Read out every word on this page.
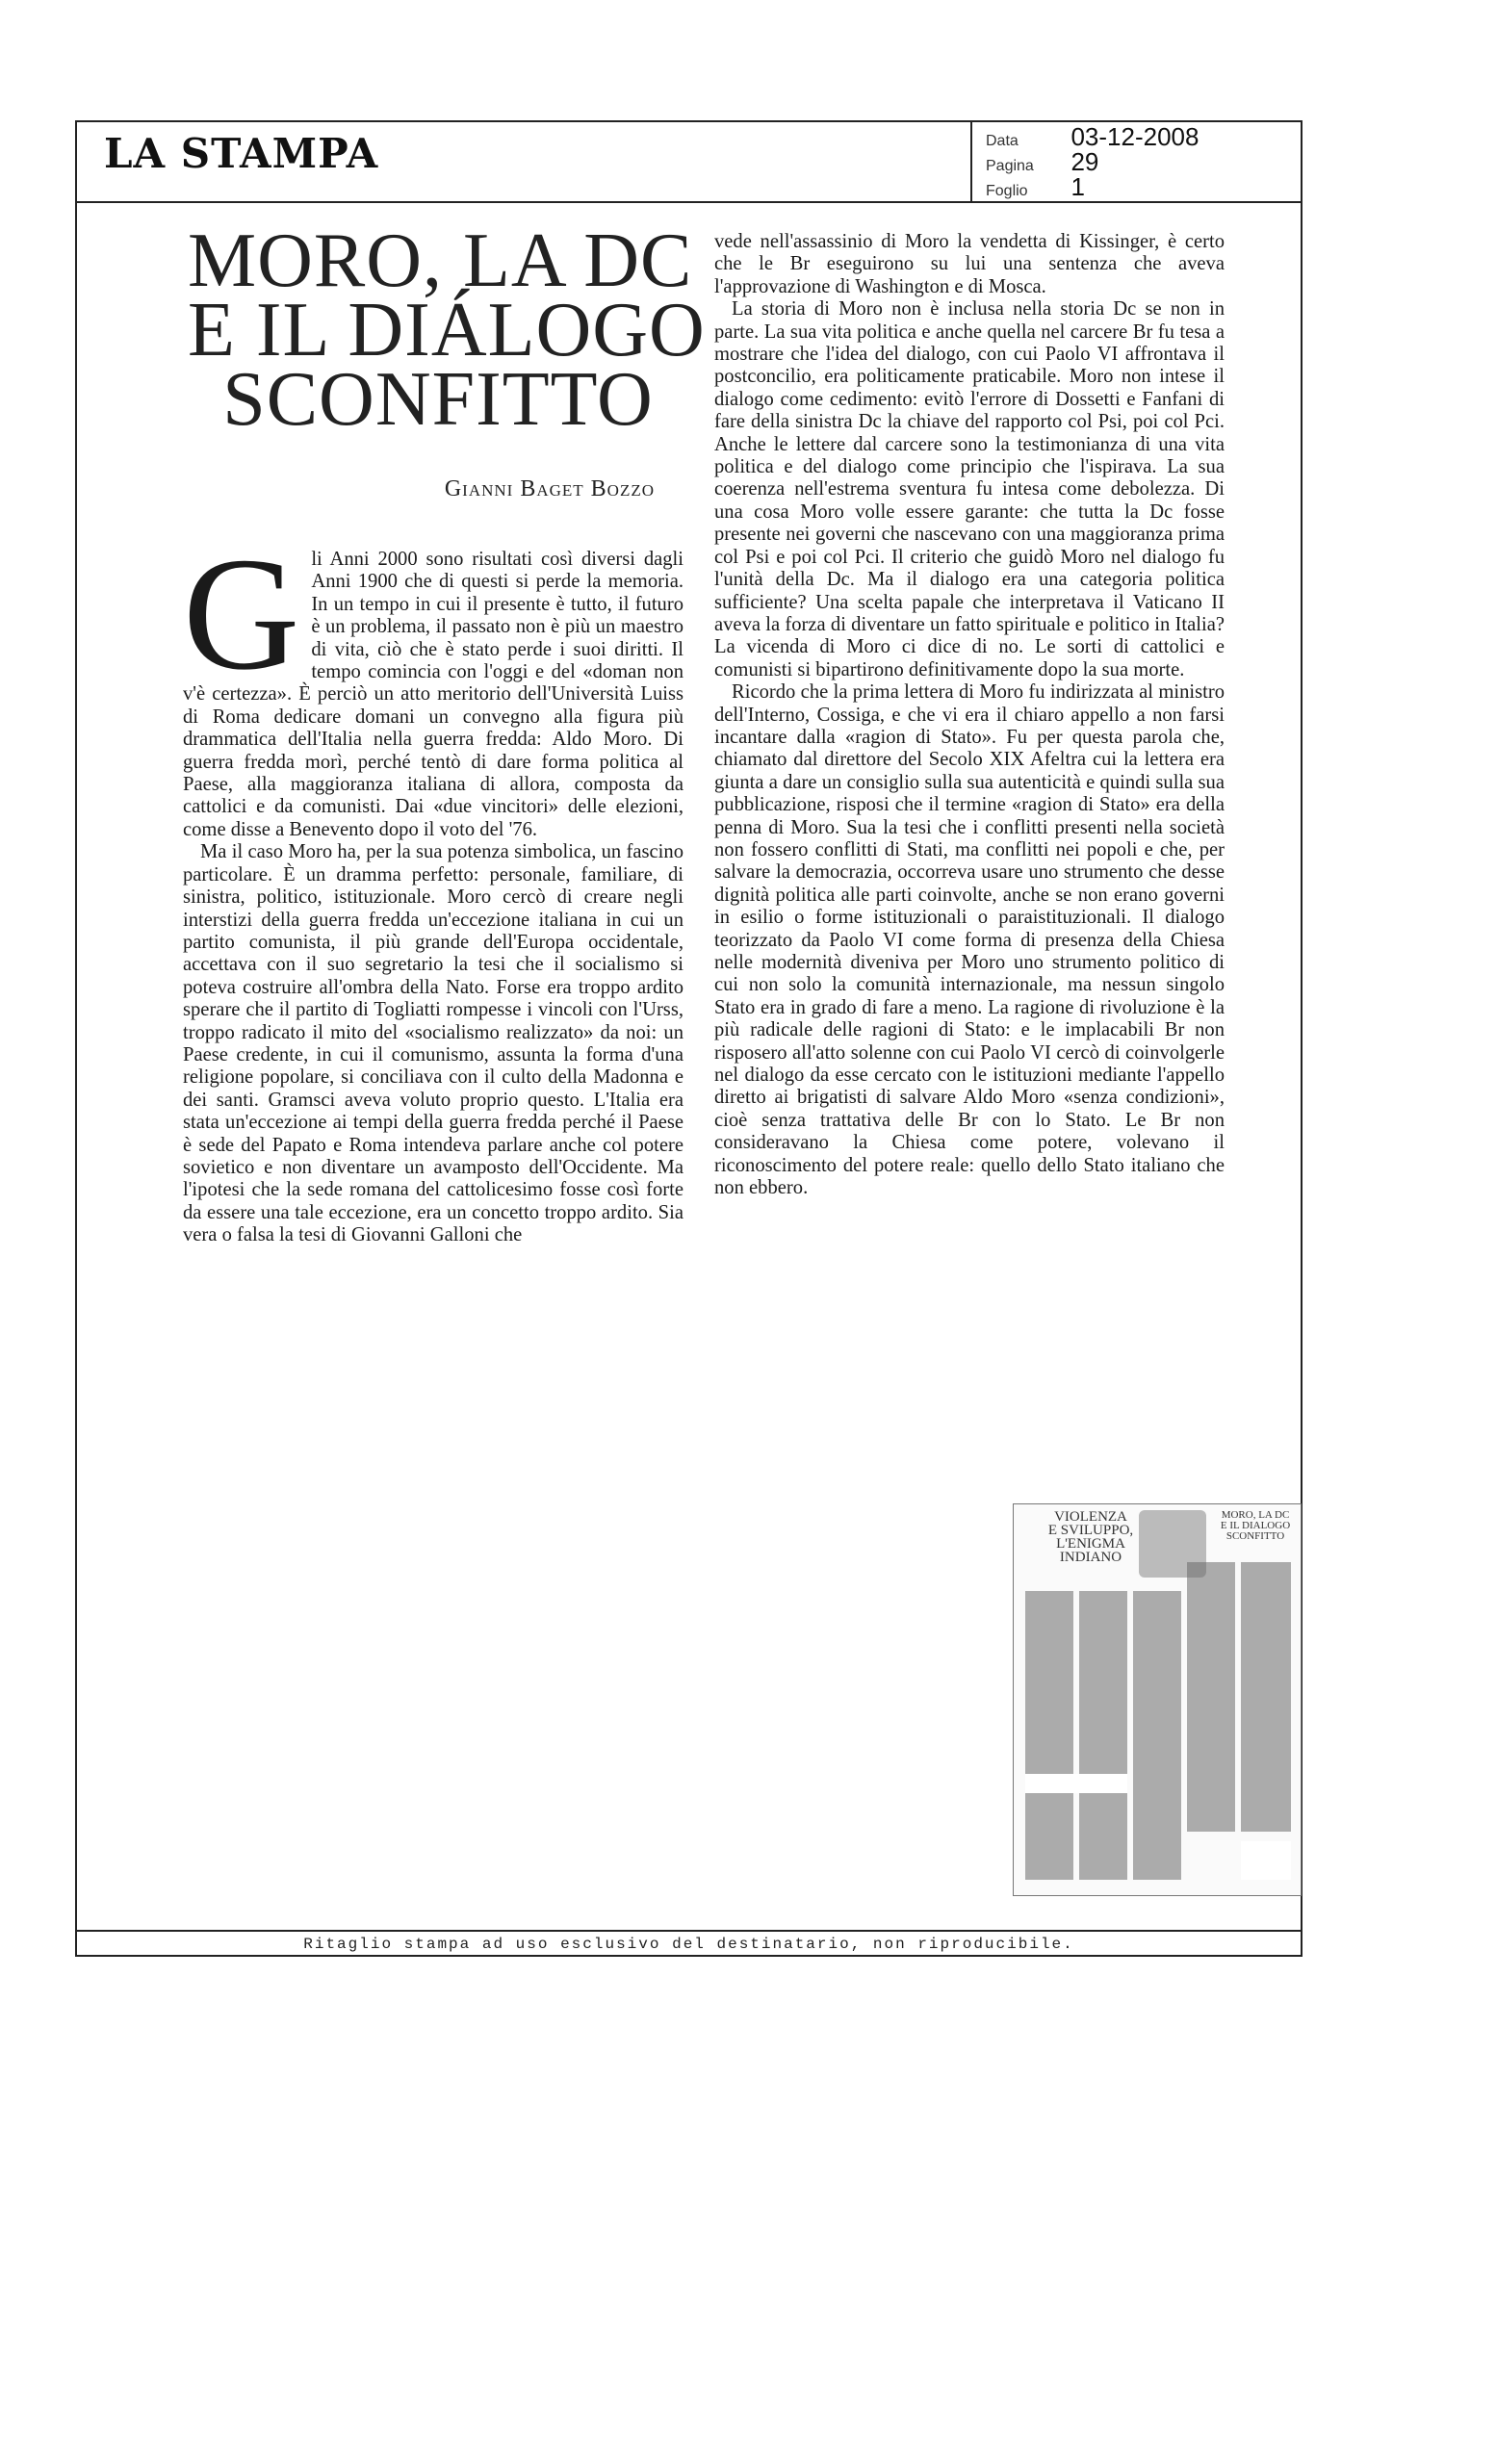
LA STAMPA	Data 03-12-2008
Pagina 29
Foglio 1
MORO, LA DC
E IL DIÁLOGO
SCONFITTO
Gianni Baget Bozzo

Gli Anni 2000 sono risultati così diversi dagli Anni 1900 che di questi si perde la memoria. In un tempo in cui il presente è tutto, il futuro è un problema, il passato non è più un maestro di vita, ciò che è stato perde i suoi diritti. Il tempo comincia con l'oggi e del «doman non v'è certezza». È perciò un atto meritorio dell'Università Luiss di Roma dedicare domani un convegno alla figura più drammatica dell'Italia nella guerra fredda: Aldo Moro. Di guerra fredda morì, perché tentò di dare forma politica al Paese, alla maggioranza italiana di allora, composta da cattolici e da comunisti. Dai «due vincitori» delle elezioni, come disse a Benevento dopo il voto del '76.

Ma il caso Moro ha, per la sua potenza simbolica, un fascino particolare. È un dramma perfetto: personale, familiare, di sinistra, politico, istituzionale. Moro cercò di creare negli interstizi della guerra fredda un'eccezione italiana in cui un partito comunista, il più grande dell'Europa occidentale, accettava con il suo segretario la tesi che il socialismo si poteva costruire all'ombra della Nato. Forse era troppo ardito sperare che il partito di Togliatti rompesse i vincoli con l'Urss, troppo radicato il mito del «socialismo realizzato» da noi: un Paese credente, in cui il comunismo, assunta la forma d'una religione popolare, si conciliava con il culto della Madonna e dei santi. Gramsci aveva voluto proprio questo. L'Italia era stata un'eccezione ai tempi della guerra fredda perché il Paese è sede del Papato e Roma intendeva parlare anche col potere sovietico e non diventare un avamposto dell'Occidente. Ma l'ipotesi che la sede romana del cattolicesimo fosse così forte da essere una tale eccezione, era un concetto troppo ardito. Sia vera o falsa la tesi di Giovanni Galloni che

vede nell'assassinio di Moro la vendetta di Kissinger, è certo che le Br eseguirono su lui una sentenza che aveva l'approvazione di Washington e di Mosca.

La storia di Moro non è inclusa nella storia Dc se non in parte. La sua vita politica e anche quella nel carcere Br fu tesa a mostrare che l'idea del dialogo, con cui Paolo VI affrontava il postconcilio, era politicamente praticabile. Moro non intese il dialogo come cedimento: evitò l'errore di Dossetti e Fanfani di fare della sinistra Dc la chiave del rapporto col Psi, poi col Pci. Anche le lettere dal carcere sono la testimonianza di una vita politica e del dialogo come principio che l'ispirava. La sua coerenza nell'estrema sventura fu intesa come debolezza. Di una cosa Moro volle essere garante: che tutta la Dc fosse presente nei governi che nascevano con una maggioranza prima col Psi e poi col Pci. Il criterio che guidò Moro nel dialogo fu l'unità della Dc. Ma il dialogo era una categoria politica sufficiente? Una scelta papale che interpretava il Vaticano II aveva la forza di diventare un fatto spirituale e politico in Italia? La vicenda di Moro ci dice di no. Le sorti di cattolici e comunisti si bipartirono definitivamente dopo la sua morte.

Ricordo che la prima lettera di Moro fu indirizzata al ministro dell'Interno, Cossiga, e che vi era il chiaro appello a non farsi incantare dalla «ragion di Stato». Fu per questa parola che, chiamato dal direttore del Secolo XIX Afeltra cui la lettera era giunta a dare un consiglio sulla sua autenticità e quindi sulla sua pubblicazione, risposi che il termine «ragion di Stato» era della penna di Moro. Sua la tesi che i conflitti presenti nella società non fossero conflitti di Stati, ma conflitti nei popoli e che, per salvare la democrazia, occorreva usare uno strumento che desse dignità politica alle parti coinvolte, anche se non erano governi in esilio o forme istituzionali o paraistituzionali. Il dialogo teorizzato da Paolo VI come forma di presenza della Chiesa nelle modernità diveniva per Moro uno strumento politico di cui non solo la comunità internazionale, ma nessun singolo Stato era in grado di fare a meno. La ragione di rivoluzione è la più radicale delle ragioni di Stato: e le implacabili Br non risposero all'atto solenne con cui Paolo VI cercò di coinvolgerle nel dialogo da esse cercato con le istituzioni mediante l'appello diretto ai brigatisti di salvare Aldo Moro «senza condizioni», cioè senza trattativa delle Br con lo Stato. Le Br non consideravano la Chiesa come potere, volevano il riconoscimento del potere reale: quello dello Stato italiano che non ebbero.

VIOLENZA
E SVILUPPO,
L'ENIGMA
INDIANO
MORO, LA DC
E IL DIALOGO
SCONFITTO
Ritaglio stampa ad uso esclusivo del destinatario, non riproducibile.
